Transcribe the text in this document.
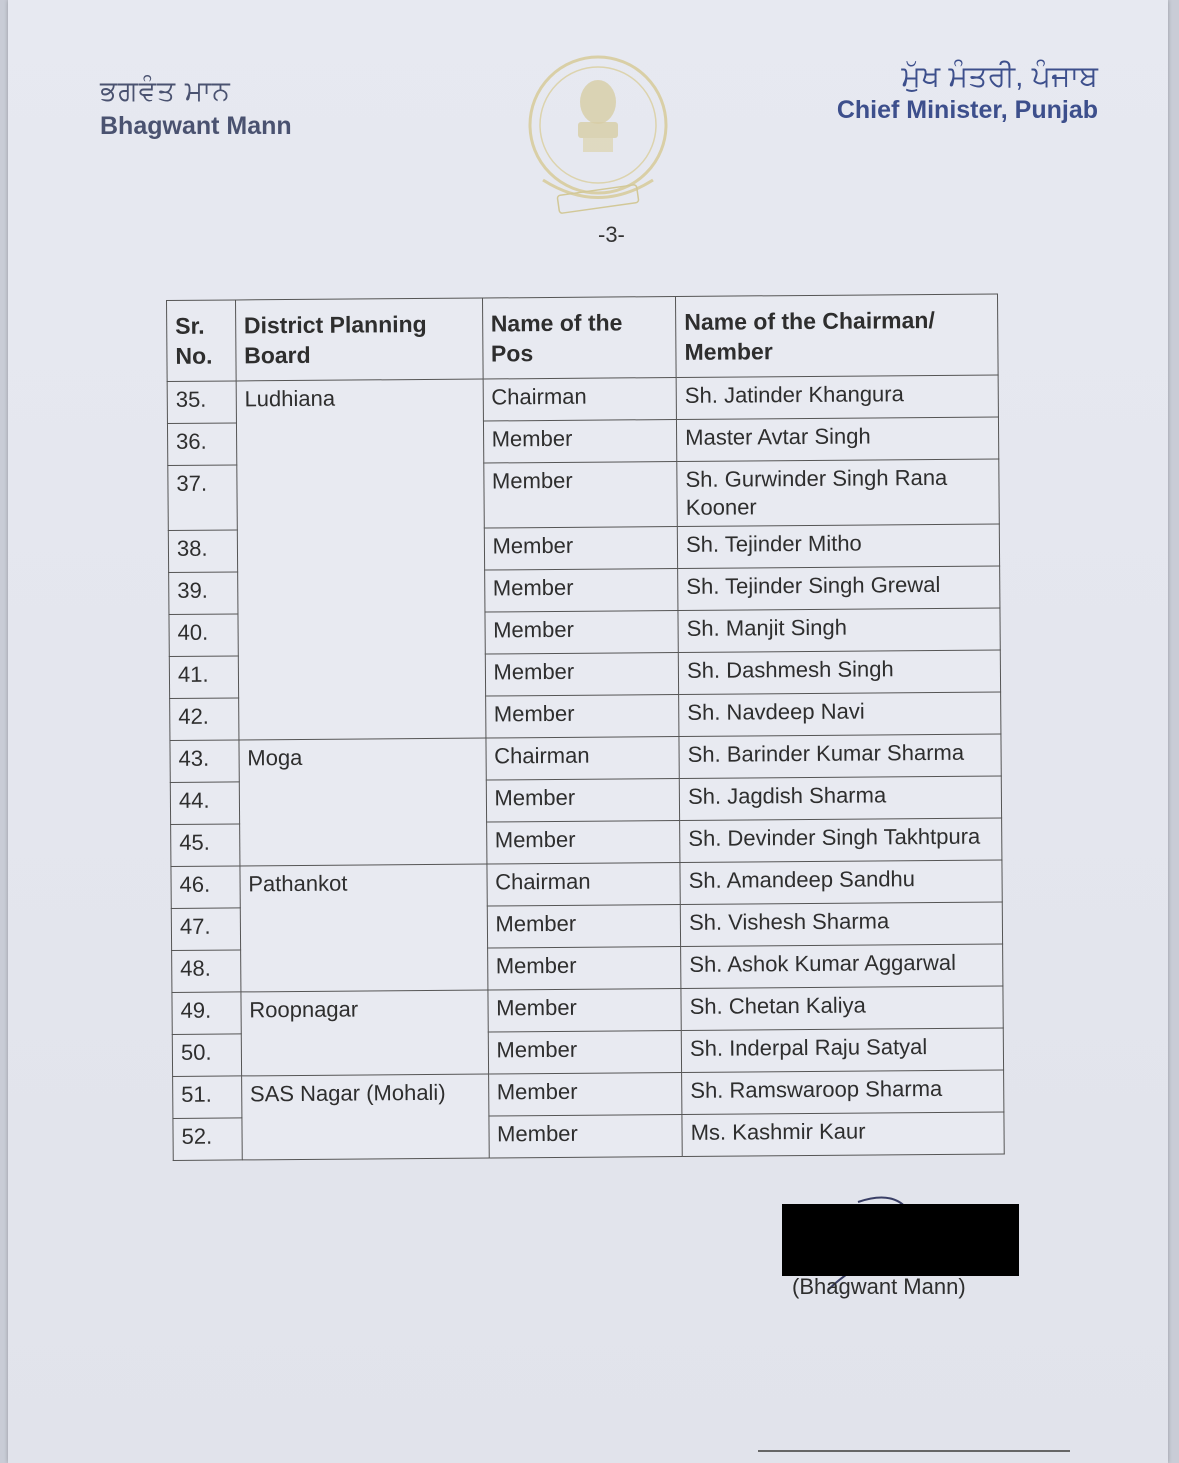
ਭਗਵੰਤ ਮਾਨ
Bhagwant Mann
ਮੁੱਖ ਮੰਤਰੀ, ਪੰਜਾਬ
Chief Minister, Punjab
-3-
Sr. No.	District Planning Board	Name of the Pos	Name of the Chairman/ Member
35.	Ludhiana	Chairman	Sh. Jatinder Khangura
36.		Member	Master Avtar Singh
37.		Member	Sh. Gurwinder Singh Rana Kooner
38.		Member	Sh. Tejinder Mitho
39.		Member	Sh. Tejinder Singh Grewal
40.		Member	Sh. Manjit Singh
41.		Member	Sh. Dashmesh Singh
42.		Member	Sh. Navdeep Navi
43.	Moga	Chairman	Sh. Barinder Kumar Sharma
44.		Member	Sh. Jagdish Sharma
45.		Member	Sh. Devinder Singh Takhtpura
46.	Pathankot	Chairman	Sh. Amandeep Sandhu
47.		Member	Sh. Vishesh Sharma
48.		Member	Sh. Ashok Kumar Aggarwal
49.	Roopnagar	Member	Sh. Chetan Kaliya
50.		Member	Sh. Inderpal Raju Satyal
51.	SAS Nagar (Mohali)	Member	Sh. Ramswaroop Sharma
52.		Member	Ms. Kashmir Kaur
(Bhagwant Mann)
